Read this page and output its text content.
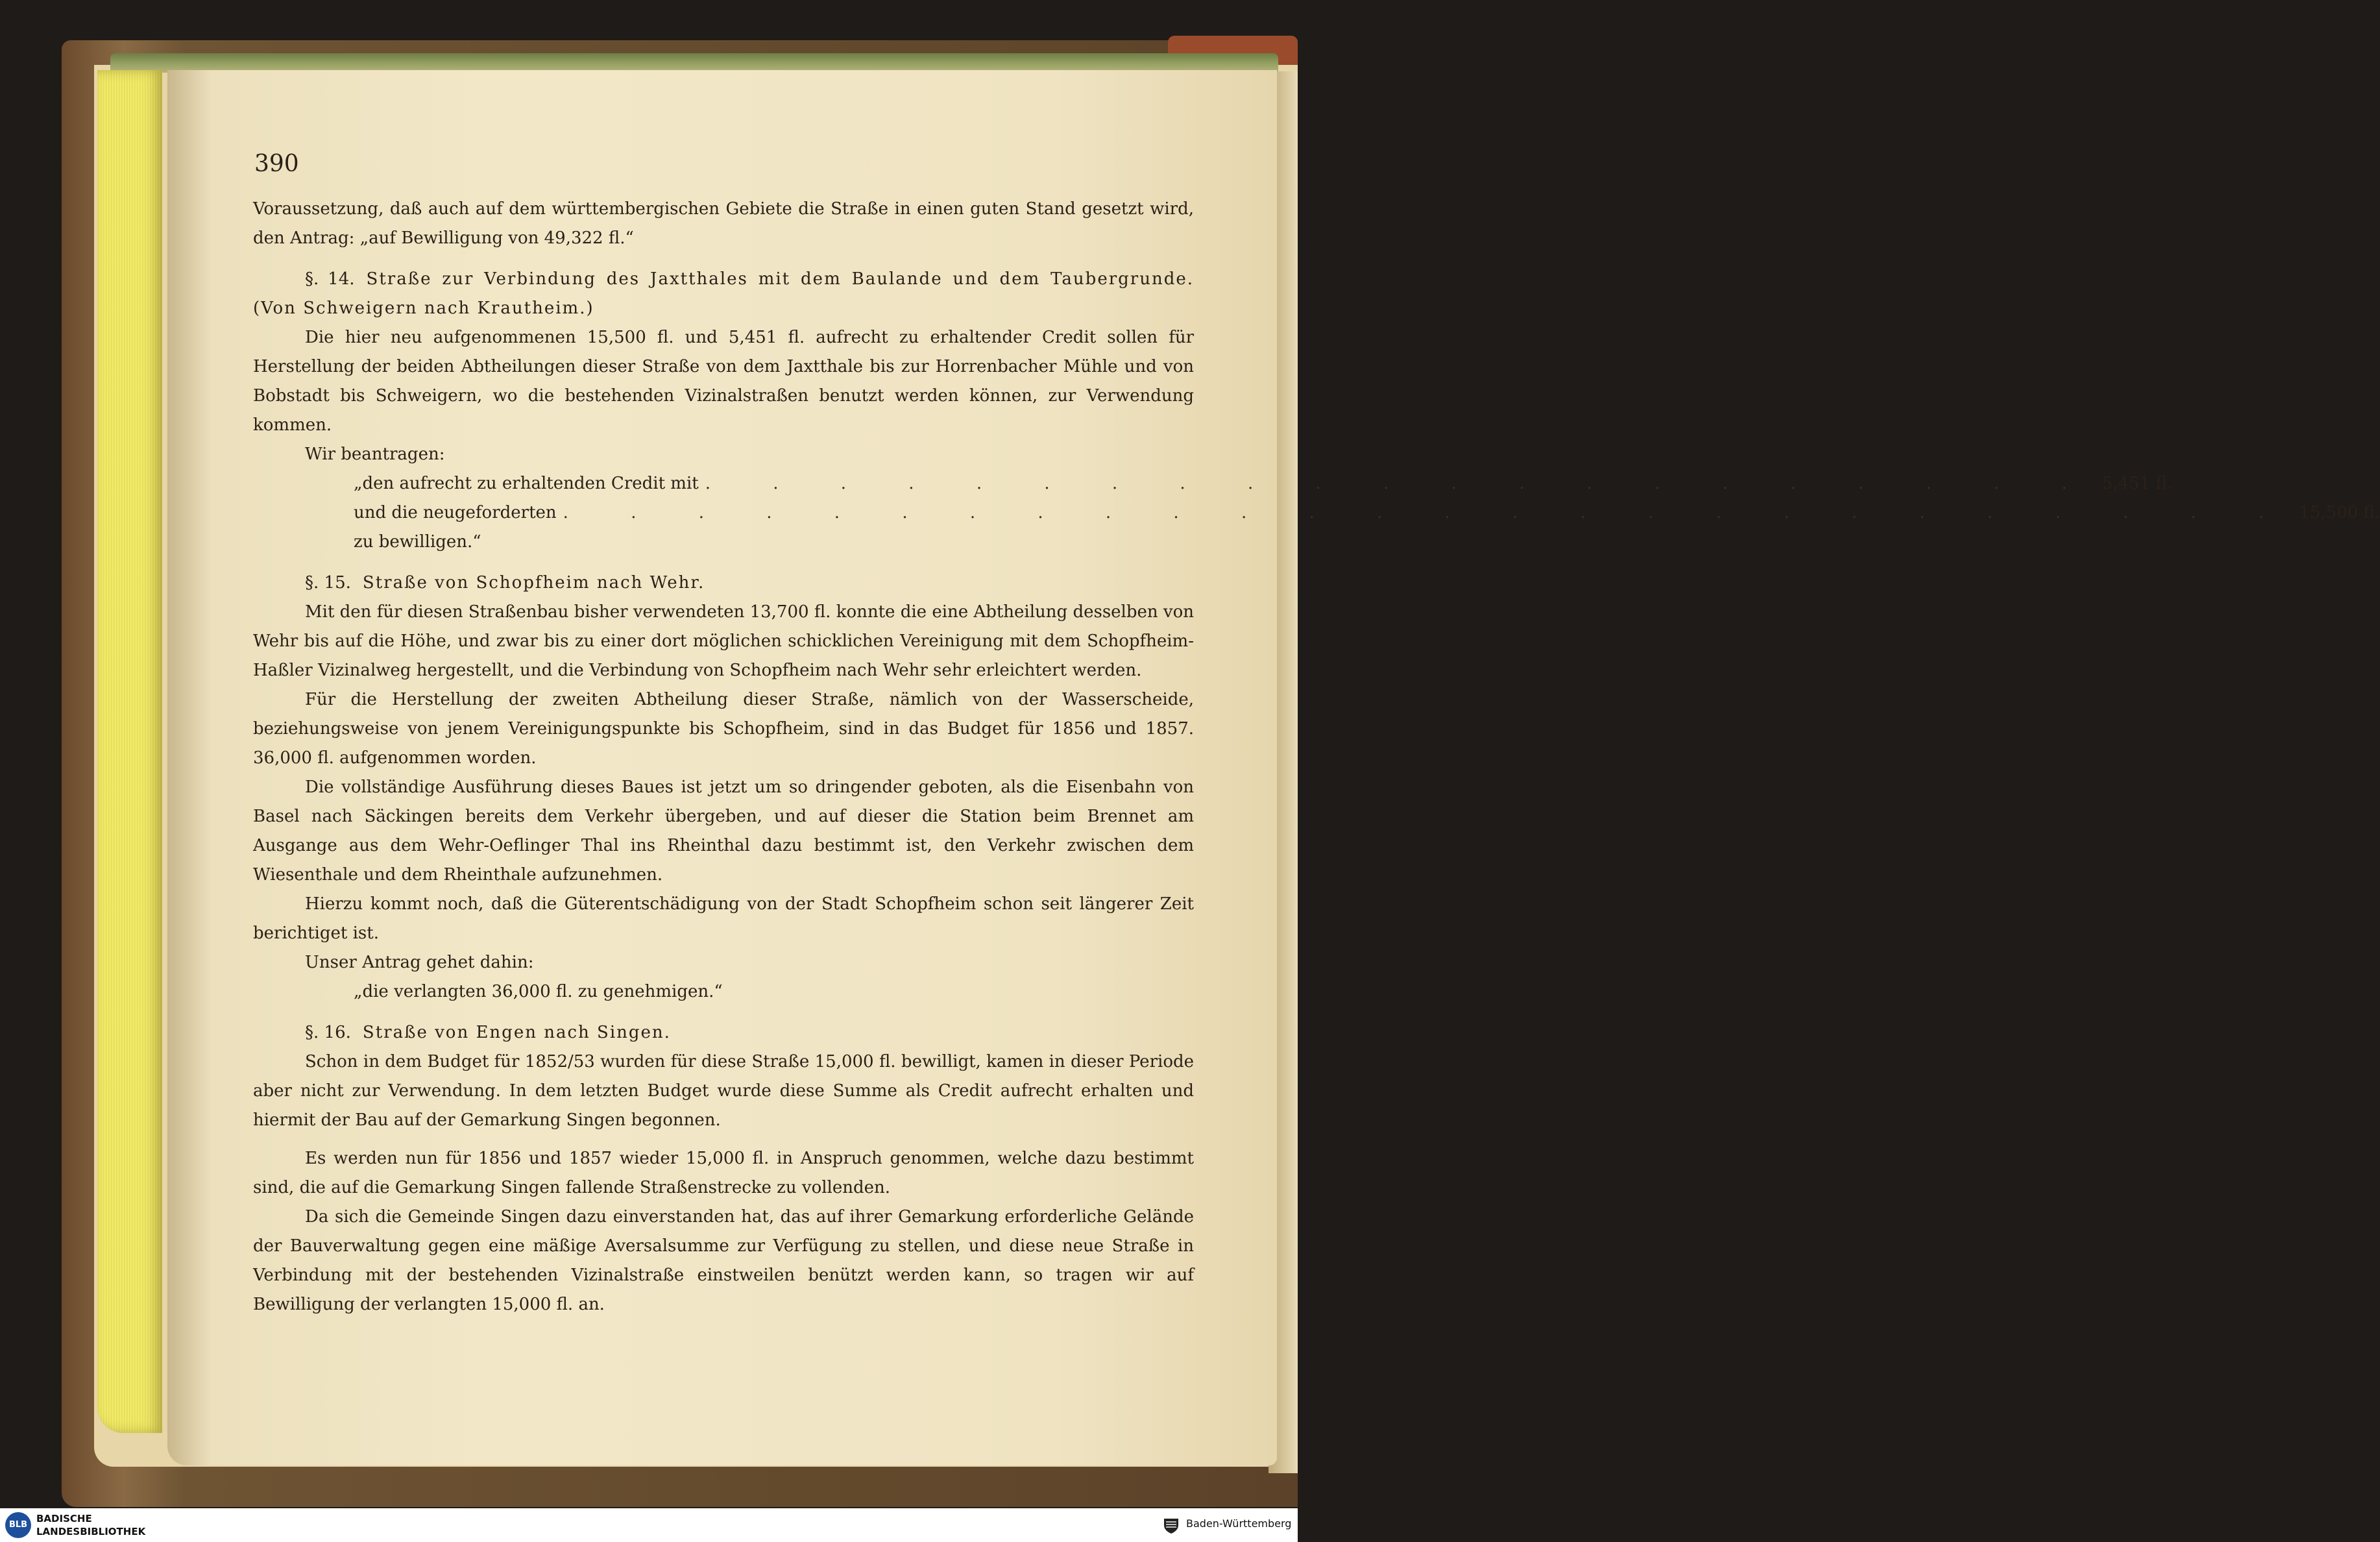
390

Voraussetzung, daß auch auf dem württembergischen Gebiete die Straße in einen guten Stand gesetzt wird, den Antrag: „auf Bewilligung von 49,322 fl.“

§. 14. Straße zur Verbindung des Jaxtthales mit dem Baulande und dem Taubergrunde. (Von Schweigern nach Krautheim.)

Die hier neu aufgenommenen 15,500 fl. und 5,451 fl. aufrecht zu erhaltender Credit sollen für Herstellung der beiden Abtheilungen dieser Straße von dem Jaxtthale bis zur Horrenbacher Mühle und von Bobstadt bis Schweigern, wo die bestehenden Vizinalstraßen benutzt werden können, zur Verwendung kommen.

Wir beantragen:

„den aufrecht zu erhaltenden Credit mit . . . . . . . . . . . . . . . . . . . . . 5,451 fl.
und die neugeforderten . . . . . . . . . . . . . . . . . . . . . . . . . . 15,500 fl.
zu bewilligen.“

§. 15. Straße von Schopfheim nach Wehr.

Mit den für diesen Straßenbau bisher verwendeten 13,700 fl. konnte die eine Abtheilung desselben von Wehr bis auf die Höhe, und zwar bis zu einer dort möglichen schicklichen Vereinigung mit dem Schopfheim-Haßler Vizinalweg hergestellt, und die Verbindung von Schopfheim nach Wehr sehr erleichtert werden.

Für die Herstellung der zweiten Abtheilung dieser Straße, nämlich von der Wasserscheide, beziehungsweise von jenem Vereinigungspunkte bis Schopfheim, sind in das Budget für 1856 und 1857. 36,000 fl. aufgenommen worden.

Die vollständige Ausführung dieses Baues ist jetzt um so dringender geboten, als die Eisenbahn von Basel nach Säckingen bereits dem Verkehr übergeben, und auf dieser die Station beim Brennet am Ausgange aus dem Wehr-Oeflinger Thal ins Rheinthal dazu bestimmt ist, den Verkehr zwischen dem Wiesenthale und dem Rheinthale aufzunehmen.

Hierzu kommt noch, daß die Güterentschädigung von der Stadt Schopfheim schon seit längerer Zeit berichtiget ist.

Unser Antrag gehet dahin:

„die verlangten 36,000 fl. zu genehmigen.“

§. 16. Straße von Engen nach Singen.

Schon in dem Budget für 1852/53 wurden für diese Straße 15,000 fl. bewilligt, kamen in dieser Periode aber nicht zur Verwendung. In dem letzten Budget wurde diese Summe als Credit aufrecht erhalten und hiermit der Bau auf der Gemarkung Singen begonnen.

Es werden nun für 1856 und 1857 wieder 15,000 fl. in Anspruch genommen, welche dazu bestimmt sind, die auf die Gemarkung Singen fallende Straßenstrecke zu vollenden.

Da sich die Gemeinde Singen dazu einverstanden hat, das auf ihrer Gemarkung erforderliche Gelände der Bauverwaltung gegen eine mäßige Aversalsumme zur Verfügung zu stellen, und diese neue Straße in Verbindung mit der bestehenden Vizinalstraße einstweilen benützt werden kann, so tragen wir auf Bewilligung der verlangten 15,000 fl. an.

BLB
BADISCHE
LANDESBIBLIOTHEK
Baden-Württemberg
